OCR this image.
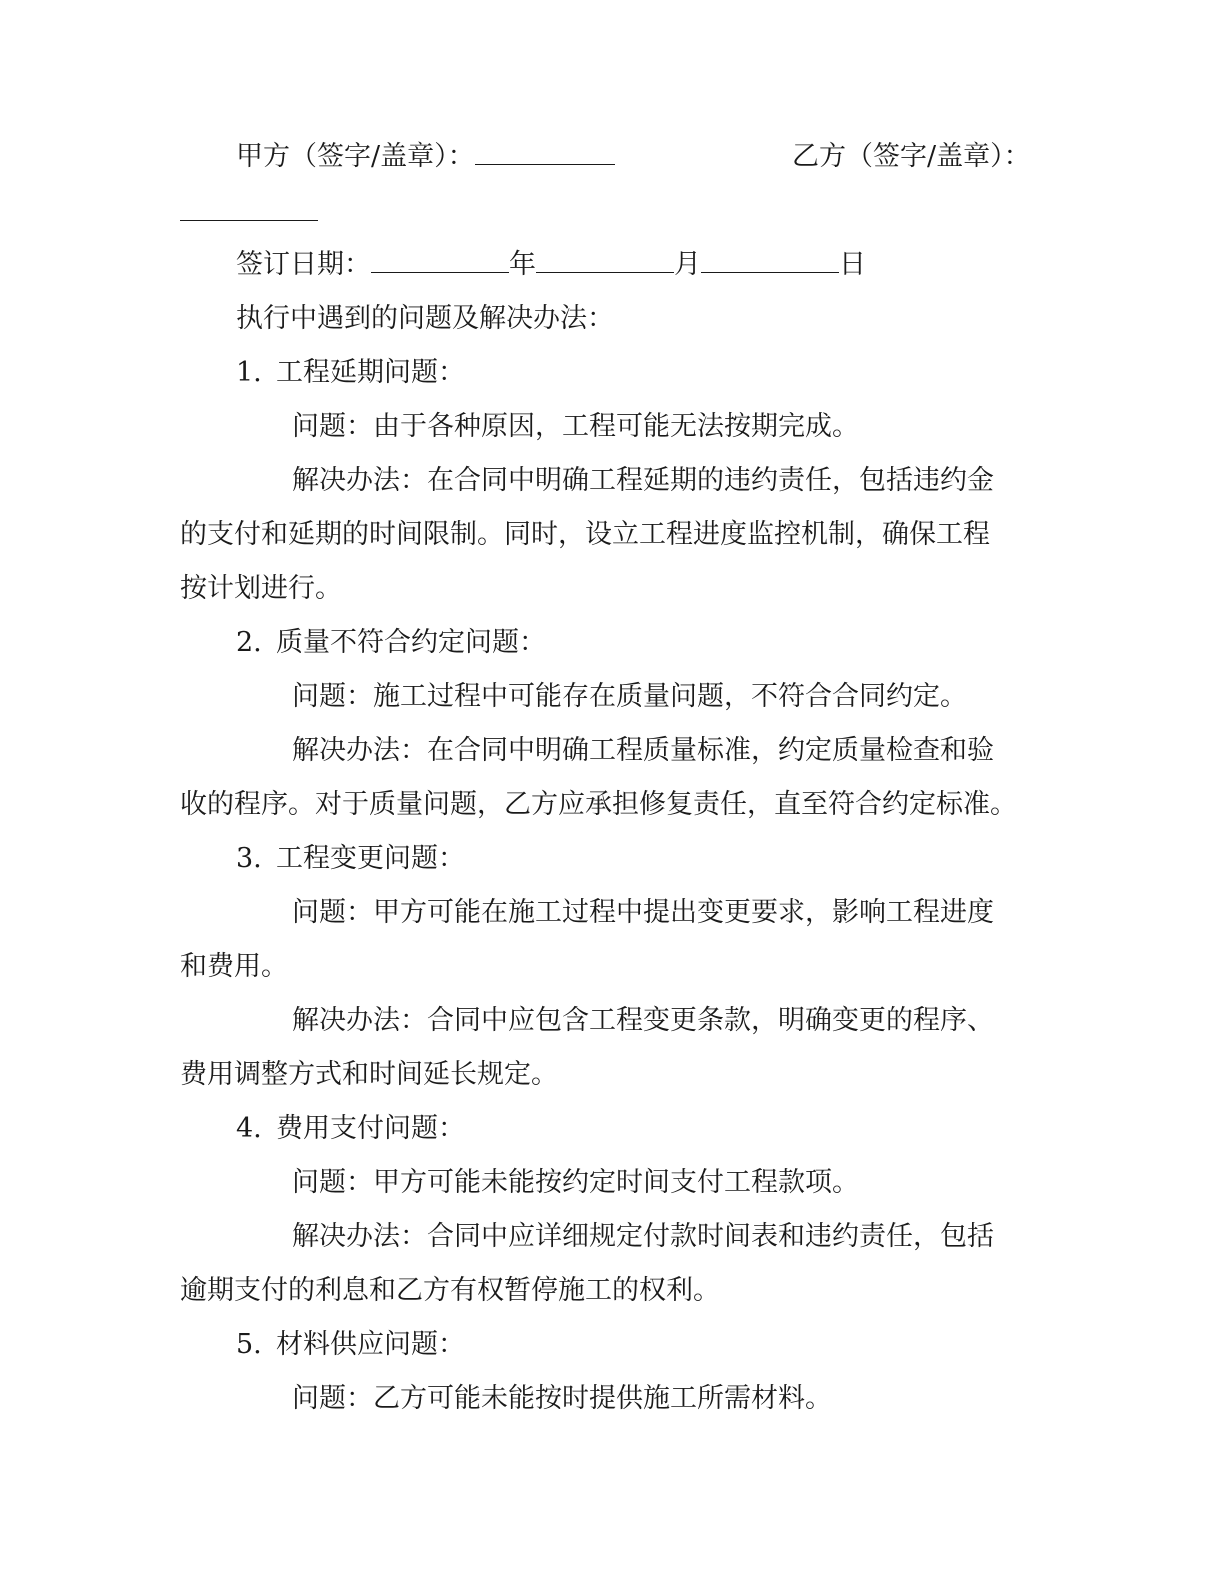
甲方（签字/盖章）：	乙方（签字/盖章）：
签订日期：	年	月	日
执行中遇到的问题及解决办法：
1. 工程延期问题：
问题：由于各种原因，工程可能无法按期完成。
解决办法：在合同中明确工程延期的违约责任，包括违约金
的支付和延期的时间限制。同时，设立工程进度监控机制，确保工程
按计划进行。
2. 质量不符合约定问题：
问题：施工过程中可能存在质量问题，不符合合同约定。
解决办法：在合同中明确工程质量标准，约定质量检查和验
收的程序。对于质量问题，乙方应承担修复责任，直至符合约定标准。
3. 工程变更问题：
问题：甲方可能在施工过程中提出变更要求，影响工程进度
和费用。
解决办法：合同中应包含工程变更条款，明确变更的程序、
费用调整方式和时间延长规定。
4. 费用支付问题：
问题：甲方可能未能按约定时间支付工程款项。
解决办法：合同中应详细规定付款时间表和违约责任，包括
逾期支付的利息和乙方有权暂停施工的权利。
5. 材料供应问题：
问题：乙方可能未能按时提供施工所需材料。
